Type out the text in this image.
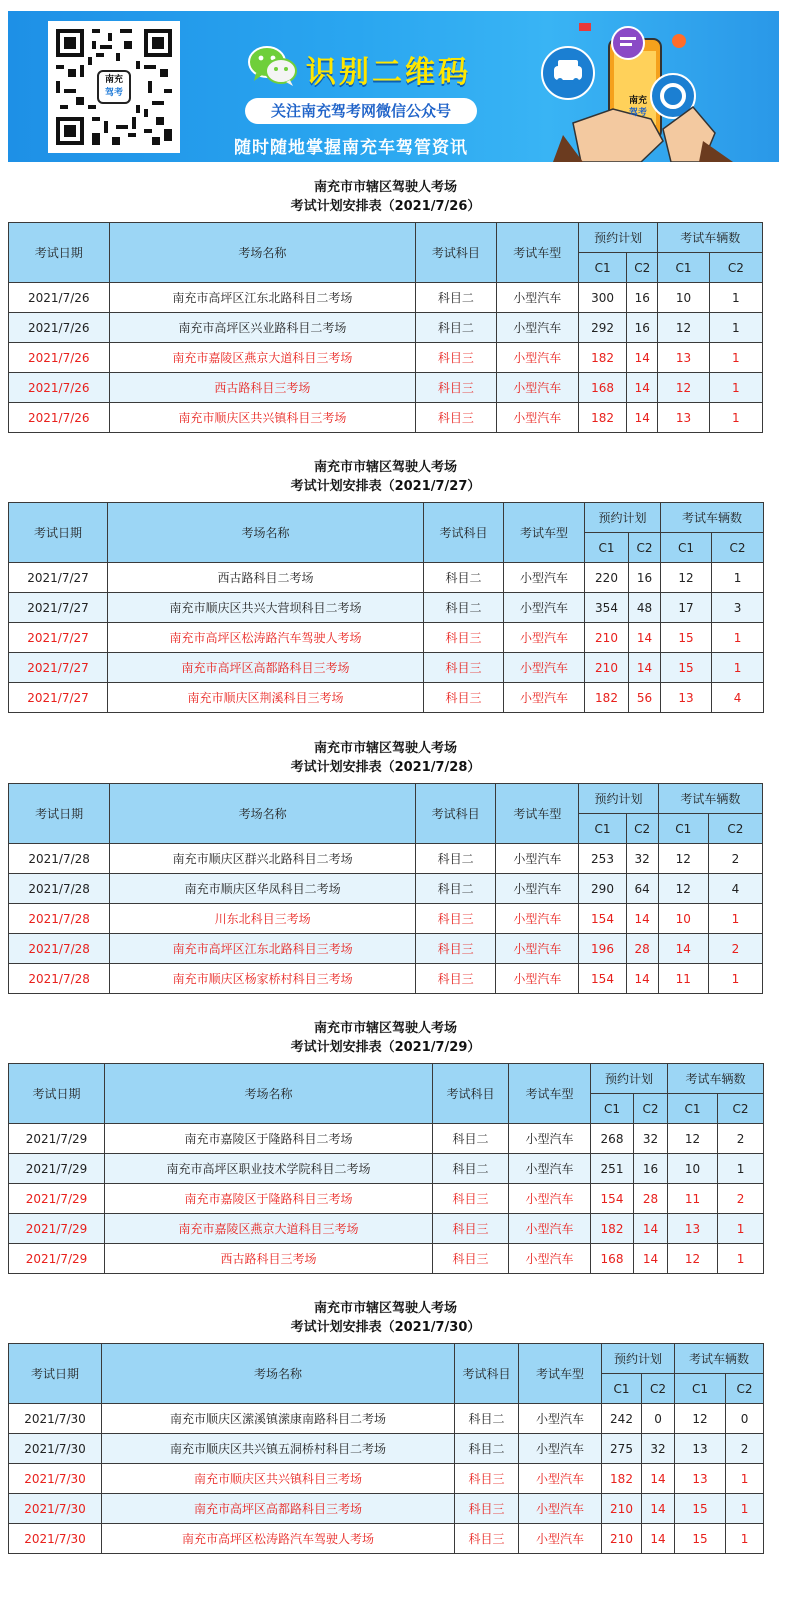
南充
驾考
识别二维码
关注南充驾考网微信公众号
随时随地掌握南充车驾管资讯
南充
驾考
南充市市辖区驾驶人考场
考试计划安排表（2021/7/26）
考试日期	考场名称	考试科目	考试车型	预约计划		考试车辆数	
				C1	C2	C1	C2
2021/7/26	南充市高坪区江东北路科目二考场	科目二	小型汽车	300	16	10	1
2021/7/26	南充市高坪区兴业路科目二考场	科目二	小型汽车	292	16	12	1
2021/7/26	南充市嘉陵区燕京大道科目三考场	科目三	小型汽车	182	14	13	1
2021/7/26	西古路科目三考场	科目三	小型汽车	168	14	12	1
2021/7/26	南充市顺庆区共兴镇科目三考场	科目三	小型汽车	182	14	13	1
南充市市辖区驾驶人考场
考试计划安排表（2021/7/27）
考试日期	考场名称	考试科目	考试车型	预约计划		考试车辆数	
				C1	C2	C1	C2
2021/7/27	西古路科目二考场	科目二	小型汽车	220	16	12	1
2021/7/27	南充市顺庆区共兴大营坝科目二考场	科目二	小型汽车	354	48	17	3
2021/7/27	南充市高坪区松涛路汽车驾驶人考场	科目三	小型汽车	210	14	15	1
2021/7/27	南充市高坪区高都路科目三考场	科目三	小型汽车	210	14	15	1
2021/7/27	南充市顺庆区荆溪科目三考场	科目三	小型汽车	182	56	13	4
南充市市辖区驾驶人考场
考试计划安排表（2021/7/28）
考试日期	考场名称	考试科目	考试车型	预约计划		考试车辆数	
				C1	C2	C1	C2
2021/7/28	南充市顺庆区群兴北路科目二考场	科目二	小型汽车	253	32	12	2
2021/7/28	南充市顺庆区华凤科目二考场	科目二	小型汽车	290	64	12	4
2021/7/28	川东北科目三考场	科目三	小型汽车	154	14	10	1
2021/7/28	南充市高坪区江东北路科目三考场	科目三	小型汽车	196	28	14	2
2021/7/28	南充市顺庆区杨家桥村科目三考场	科目三	小型汽车	154	14	11	1
南充市市辖区驾驶人考场
考试计划安排表（2021/7/29）
考试日期	考场名称	考试科目	考试车型	预约计划		考试车辆数	
				C1	C2	C1	C2
2021/7/29	南充市嘉陵区于隆路科目二考场	科目二	小型汽车	268	32	12	2
2021/7/29	南充市高坪区职业技术学院科目二考场	科目二	小型汽车	251	16	10	1
2021/7/29	南充市嘉陵区于隆路科目三考场	科目三	小型汽车	154	28	11	2
2021/7/29	南充市嘉陵区燕京大道科目三考场	科目三	小型汽车	182	14	13	1
2021/7/29	西古路科目三考场	科目三	小型汽车	168	14	12	1
南充市市辖区驾驶人考场
考试计划安排表（2021/7/30）
考试日期	考场名称	考试科目	考试车型	预约计划		考试车辆数	
				C1	C2	C1	C2
2021/7/30	南充市顺庆区潆溪镇潆康南路科目二考场	科目二	小型汽车	242	0	12	0
2021/7/30	南充市顺庆区共兴镇五洞桥村科目二考场	科目二	小型汽车	275	32	13	2
2021/7/30	南充市顺庆区共兴镇科目三考场	科目三	小型汽车	182	14	13	1
2021/7/30	南充市高坪区高都路科目三考场	科目三	小型汽车	210	14	15	1
2021/7/30	南充市高坪区松涛路汽车驾驶人考场	科目三	小型汽车	210	14	15	1
